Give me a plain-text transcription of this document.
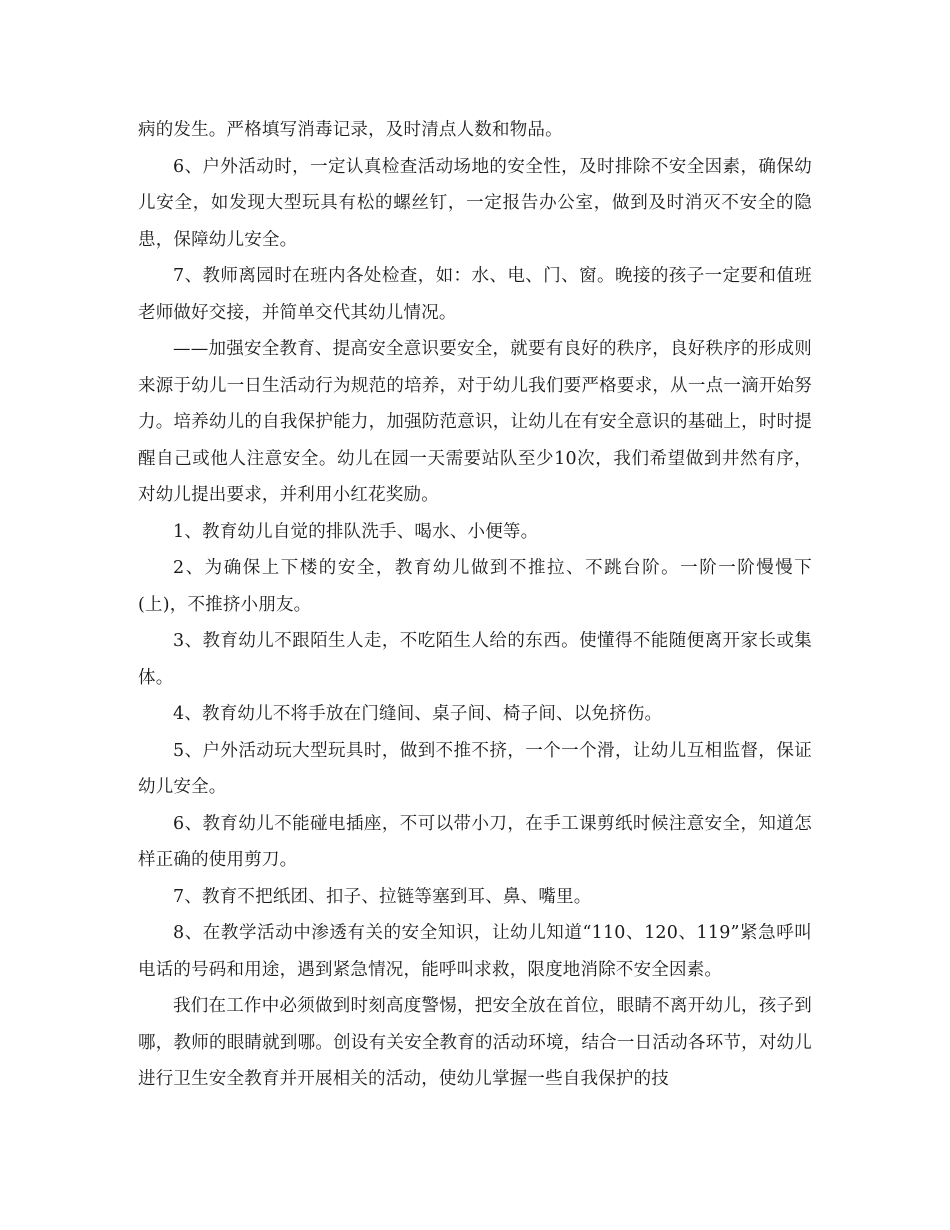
病的发生。严格填写消毒记录，及时清点人数和物品。

6、户外活动时，一定认真检查活动场地的安全性，及时排除不安全因素，确保幼儿安全，如发现大型玩具有松的螺丝钉，一定报告办公室，做到及时消灭不安全的隐患，保障幼儿安全。

7、教师离园时在班内各处检查，如：水、电、门、窗。晚接的孩子一定要和值班老师做好交接，并简单交代其幼儿情况。

——加强安全教育、提高安全意识要安全，就要有良好的秩序，良好秩序的形成则来源于幼儿一日生活动行为规范的培养，对于幼儿我们要严格要求，从一点一滴开始努力。培养幼儿的自我保护能力，加强防范意识，让幼儿在有安全意识的基础上，时时提醒自己或他人注意安全。幼儿在园一天需要站队至少10次，我们希望做到井然有序，对幼儿提出要求，并利用小红花奖励。

1、教育幼儿自觉的排队洗手、喝水、小便等。

2、为确保上下楼的安全，教育幼儿做到不推拉、不跳台阶。一阶一阶慢慢下(上)，不推挤小朋友。

3、教育幼儿不跟陌生人走，不吃陌生人给的东西。使懂得不能随便离开家长或集体。

4、教育幼儿不将手放在门缝间、桌子间、椅子间、以免挤伤。

5、户外活动玩大型玩具时，做到不推不挤，一个一个滑，让幼儿互相监督，保证幼儿安全。

6、教育幼儿不能碰电插座，不可以带小刀，在手工课剪纸时候注意安全，知道怎样正确的使用剪刀。

7、教育不把纸团、扣子、拉链等塞到耳、鼻、嘴里。

8、在教学活动中渗透有关的安全知识，让幼儿知道“110、120、119”紧急呼叫电话的号码和用途，遇到紧急情况，能呼叫求救，限度地消除不安全因素。

我们在工作中必须做到时刻高度警惕，把安全放在首位，眼睛不离开幼儿，孩子到哪，教师的眼睛就到哪。创设有关安全教育的活动环境，结合一日活动各环节，对幼儿进行卫生安全教育并开展相关的活动，使幼儿掌握一些自我保护的技
